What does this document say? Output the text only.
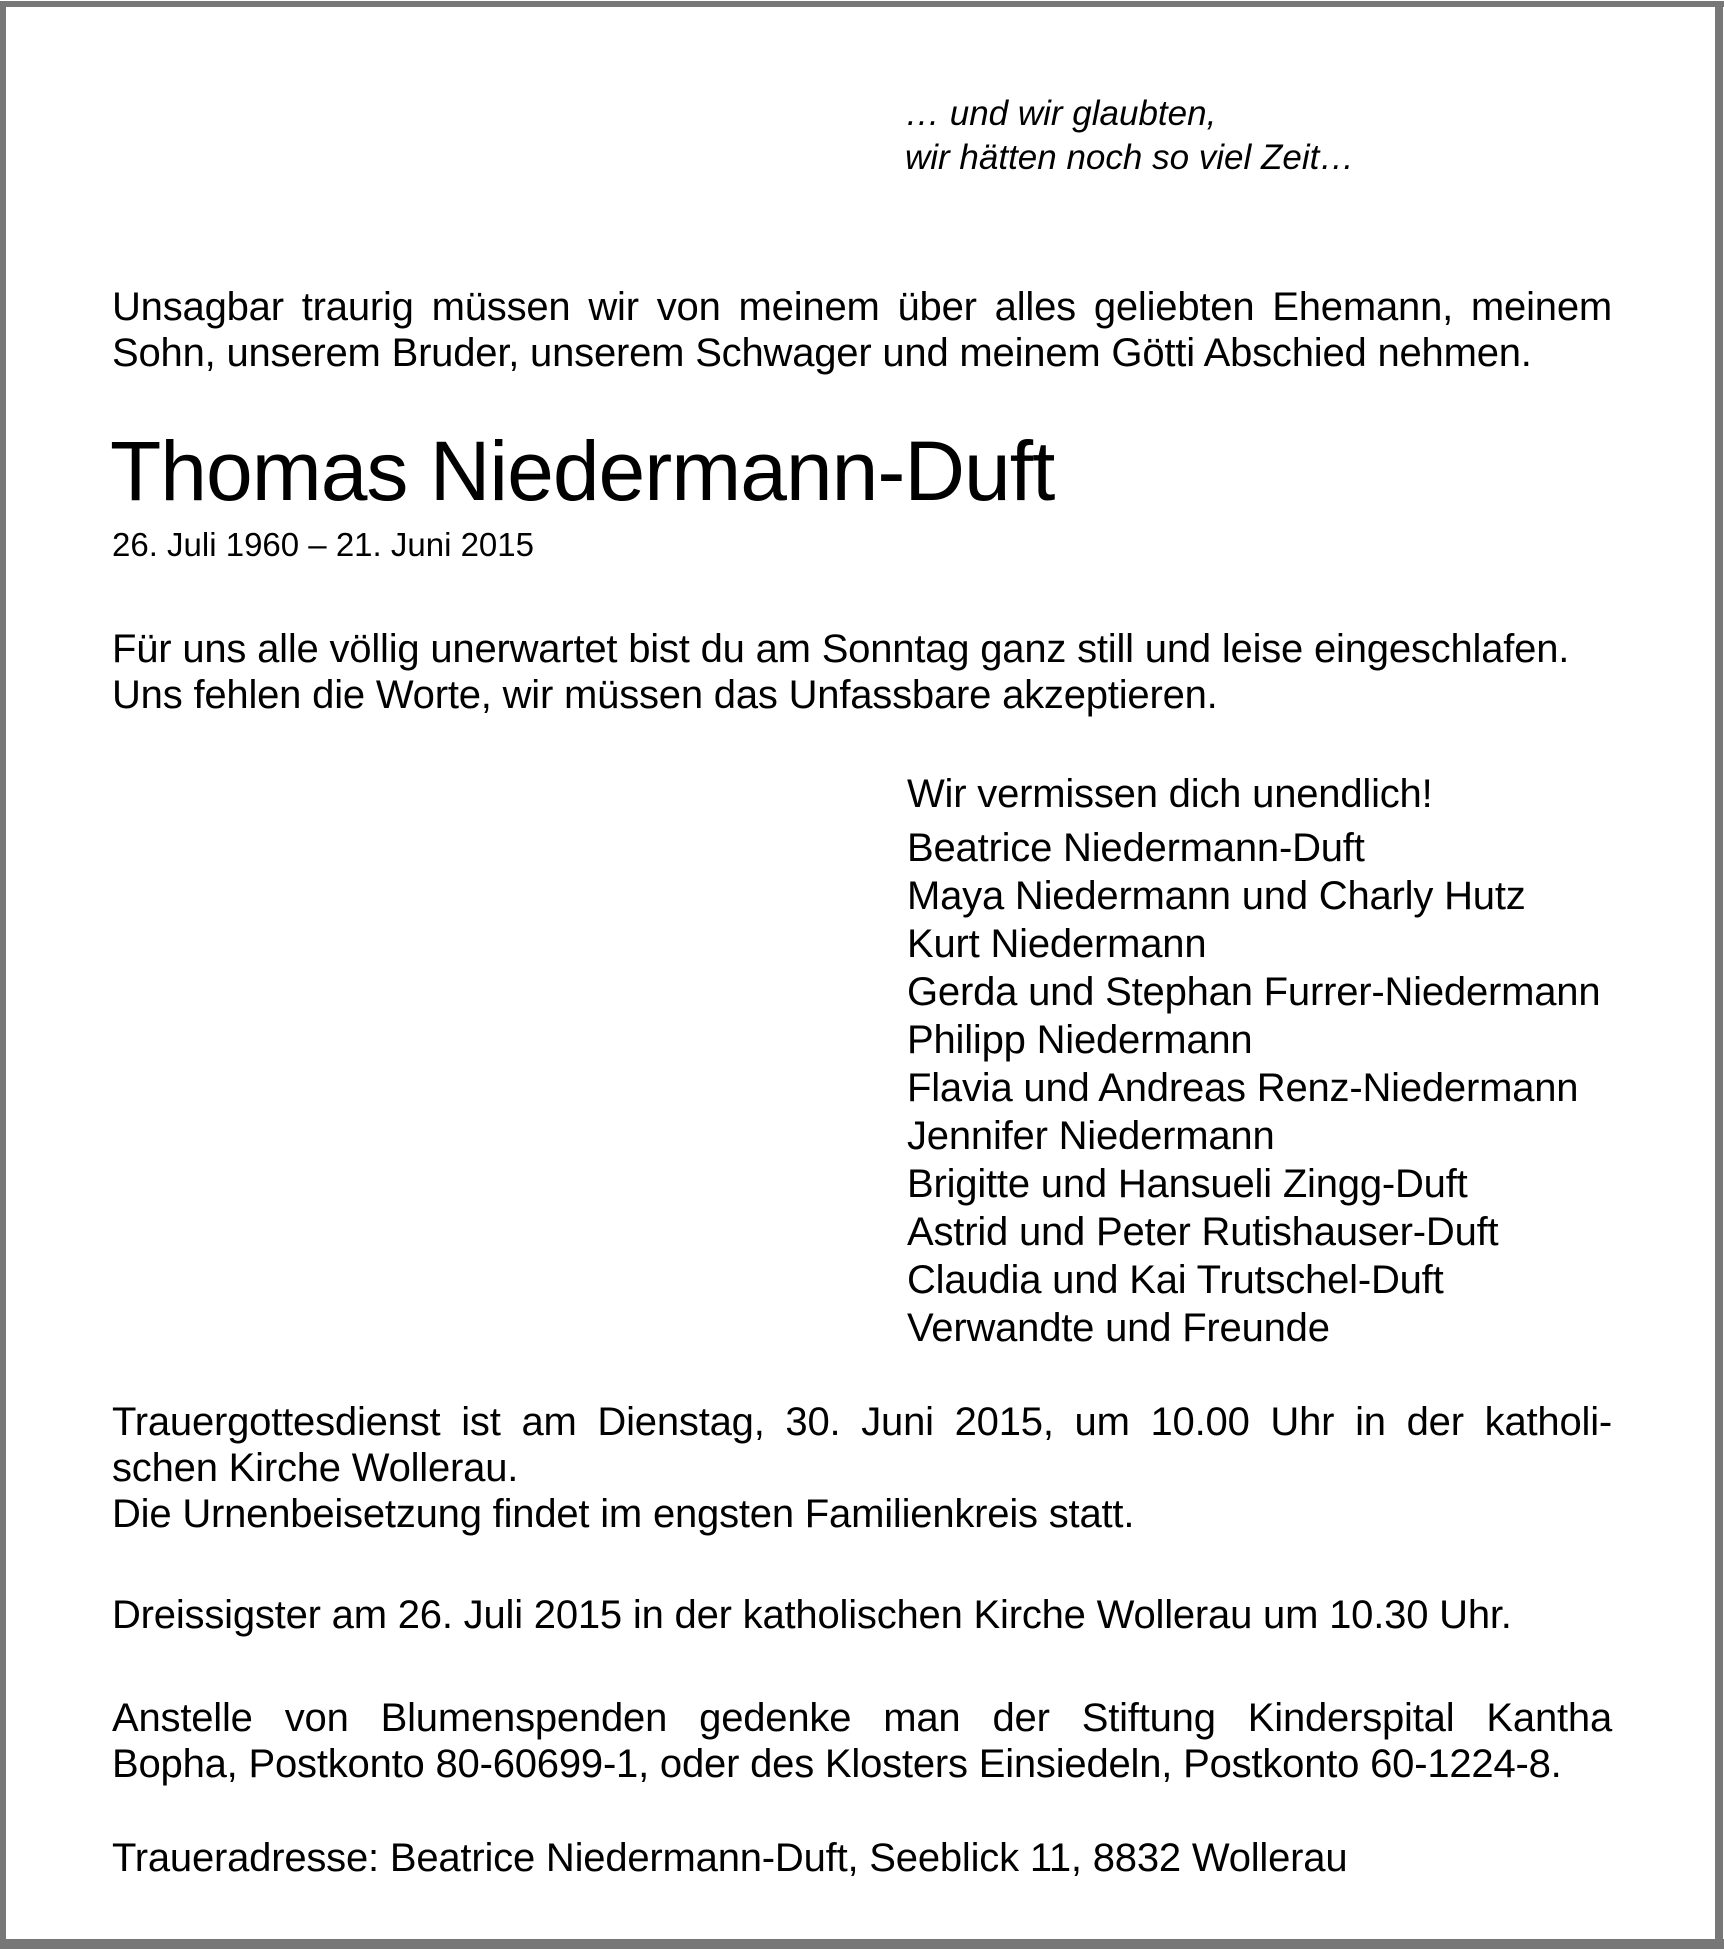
… und wir glaubten,
wir hätten noch so viel Zeit…
Unsagbar traurig müssen wir von meinem über alles geliebten Ehemann, meinem
Sohn, unserem Bruder, unserem Schwager und meinem Götti Abschied nehmen.
Thomas Niedermann-Duft
26. Juli 1960 – 21. Juni 2015
Für uns alle völlig unerwartet bist du am Sonntag ganz still und leise eingeschlafen.
Uns fehlen die Worte, wir müssen das Unfassbare akzeptieren.
Wir vermissen dich unendlich!
Beatrice Niedermann-Duft
Maya Niedermann und Charly Hutz
Kurt Niedermann
Gerda und Stephan Furrer-Niedermann
Philipp Niedermann
Flavia und Andreas Renz-Niedermann
Jennifer Niedermann
Brigitte und Hansueli Zingg-Duft
Astrid und Peter Rutishauser-Duft
Claudia und Kai Trutschel-Duft
Verwandte und Freunde
Trauergottesdienst ist am Dienstag, 30. Juni 2015, um 10.00 Uhr in der katholi-
schen Kirche Wollerau.
Die Urnenbeisetzung findet im engsten Familienkreis statt.
Dreissigster am 26. Juli 2015 in der katholischen Kirche Wollerau um 10.30 Uhr.
Anstelle von Blumenspenden gedenke man der Stiftung Kinderspital Kantha
Bopha, Postkonto 80-60699-1, oder des Klosters Einsiedeln, Postkonto 60-1224-8.
Traueradresse: Beatrice Niedermann-Duft, Seeblick 11, 8832 Wollerau
